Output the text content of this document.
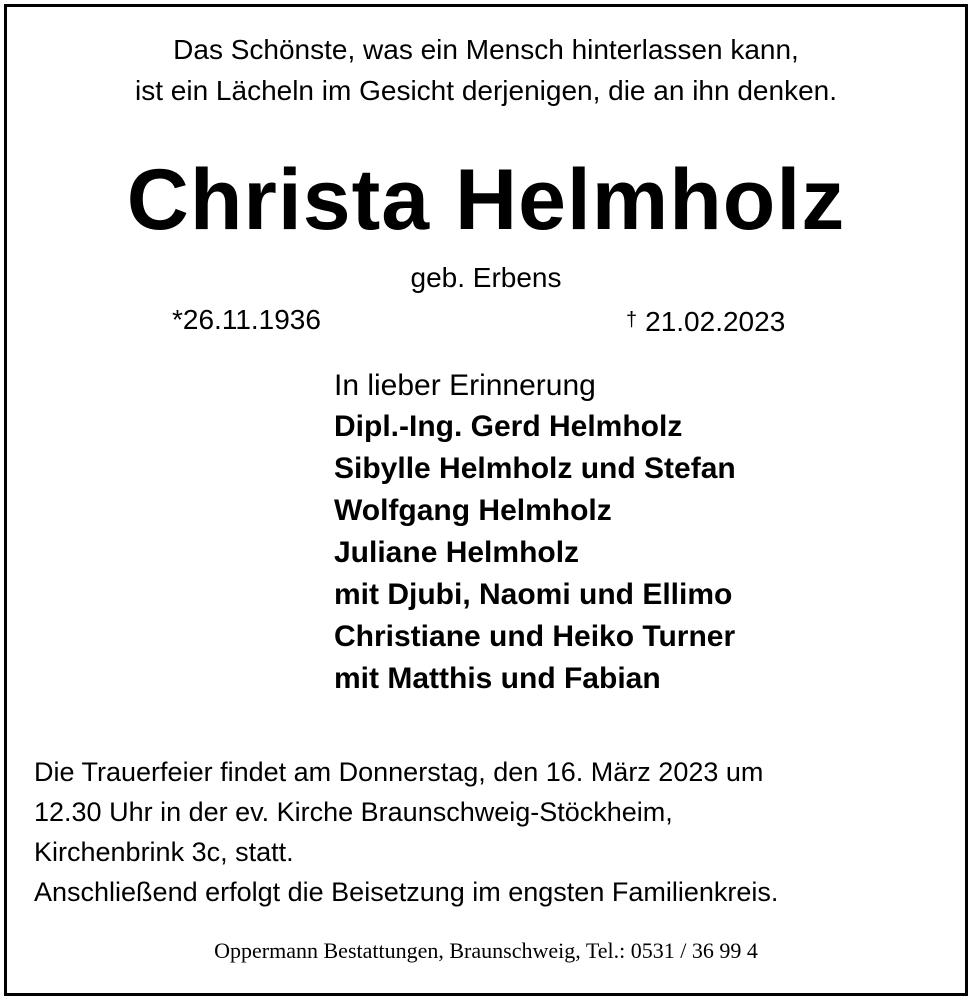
Das Schönste, was ein Mensch hinterlassen kann,
ist ein Lächeln im Gesicht derjenigen, die an ihn denken.
Christa Helmholz
geb. Erbens
*26.11.1936	† 21.02.2023
In lieber Erinnerung
Dipl.-Ing. Gerd Helmholz
Sibylle Helmholz und Stefan
Wolfgang Helmholz
Juliane Helmholz
mit Djubi, Naomi und Ellimo
Christiane und Heiko Turner
mit Matthis und Fabian
Die Trauerfeier findet am Donnerstag, den 16. März 2023 um
12.30 Uhr in der ev. Kirche Braunschweig-Stöckheim,
Kirchenbrink 3c, statt.
Anschließend erfolgt die Beisetzung im engsten Familienkreis.
Oppermann Bestattungen, Braunschweig, Tel.: 0531 / 36 99 4
